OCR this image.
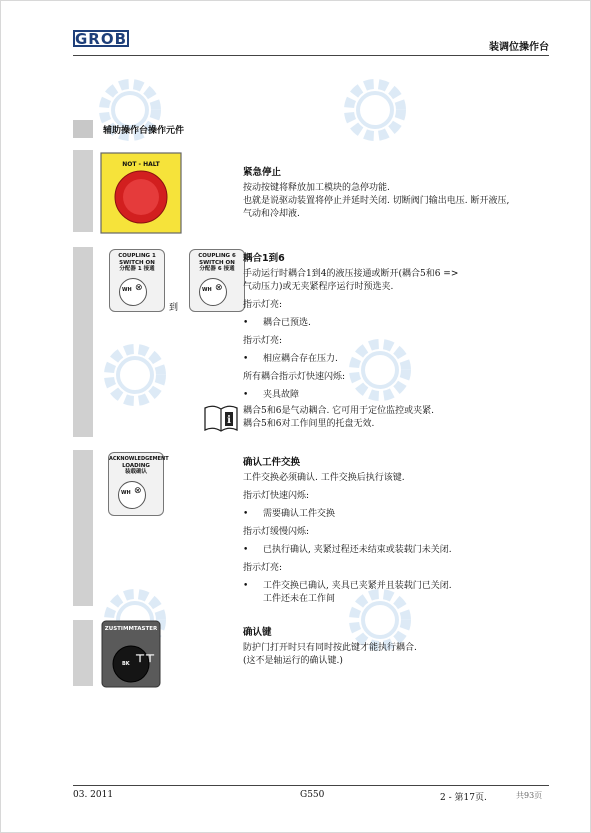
GROB	装调位操作台
辅助操作台操作元件
NOT - HALT
紧急停止
按动按键将释放加工模块的急停功能.
也就是说驱动装置将停止并延时关闭. 切断阀门输出电压. 断开液压,
气动和冷却液.
COUPLING 1
SWITCH ON
分配器 1 接通
WH ⊗
到
COUPLING 6
SWITCH ON
分配器 6 接通
WH ⊗
耦合1到6
手动运行时耦合1到4的液压接通或断开(耦合5和6 =>
气动压力)或无夹紧程序运行时预选夹.
指示灯亮:
• 耦合已预选.
指示灯亮:
• 相应耦合存在压力.
所有耦合指示灯快速闪烁:
• 夹具故障
i
耦合5和6是气动耦合. 它可用于定位监控或夹紧.
耦合5和6对工作间里的托盘无效.
ACKNOWLEDGEMENT
LOADING
装载确认
WH ⊗
确认工件交换
工件交换必须确认. 工件交换后执行该键.
指示灯快速闪烁:
• 需要确认工件交换
指示灯缓慢闪烁:
• 已执行确认, 夹紧过程还未结束或装载门未关闭.
指示灯亮:
• 工件交换已确认, 夹具已夹紧并且装载门已关闭.
工件还未在工作间
ZUSTIMMTASTER
BK ⊤⊤
确认键
防护门打开时只有同时按此键才能执行耦合.
(这不是轴运行的确认键.)
03. 2011	G550	2 - 第17页.	共93页
